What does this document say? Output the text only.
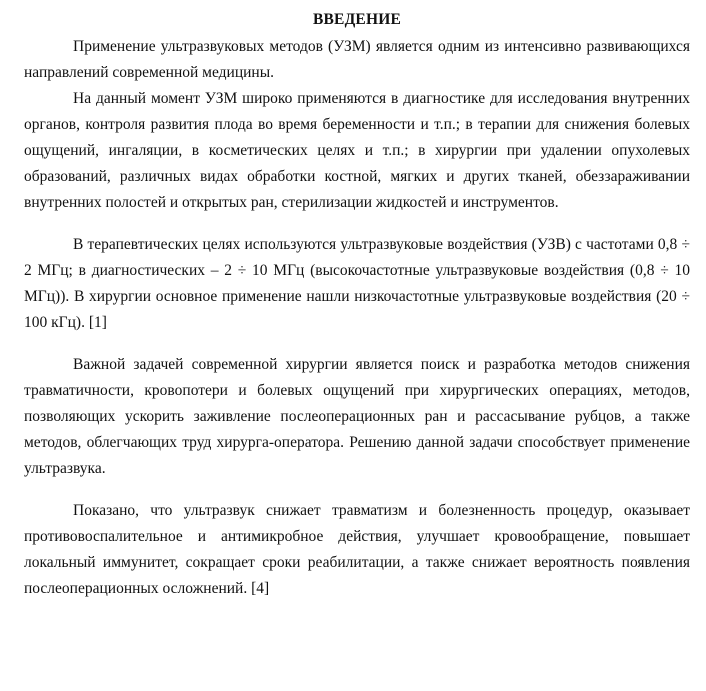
ВВЕДЕНИЕ

Применение ультразвуковых методов (УЗМ) является одним из интенсивно развивающихся направлений современной медицины.

На данный момент УЗМ широко применяются в диагностике для исследования внутренних органов, контроля развития плода во время беременности и т.п.; в терапии для снижения болевых ощущений, ингаляции, в косметических целях и т.п.; в хирургии при удалении опухолевых образований, различных видах обработки костной, мягких и других тканей, обеззараживании внутренних полостей и открытых ран, стерилизации жидкостей и инструментов.

В терапевтических целях используются ультразвуковые воздействия (УЗВ) с частотами 0,8 ÷ 2 МГц; в диагностических – 2 ÷ 10 МГц (высокочастотные ультразвуковые воздействия (0,8 ÷ 10 МГц)). В хирургии основное применение нашли низкочастотные ультразвуковые воздействия (20 ÷ 100 кГц). [1]

Важной задачей современной хирургии является поиск и разработка методов снижения травматичности, кровопотери и болевых ощущений при хирургических операциях, методов, позволяющих ускорить заживление послеоперационных ран и рассасывание рубцов, а также методов, облегчающих труд хирурга-оператора. Решению данной задачи способствует применение ультразвука.

Показано, что ультразвук снижает травматизм и болезненность процедур, оказывает противовоспалительное и антимикробное действия, улучшает кровообращение, повышает локальный иммунитет, сокращает сроки реабилитации, а также снижает вероятность появления послеоперационных осложнений. [4]
